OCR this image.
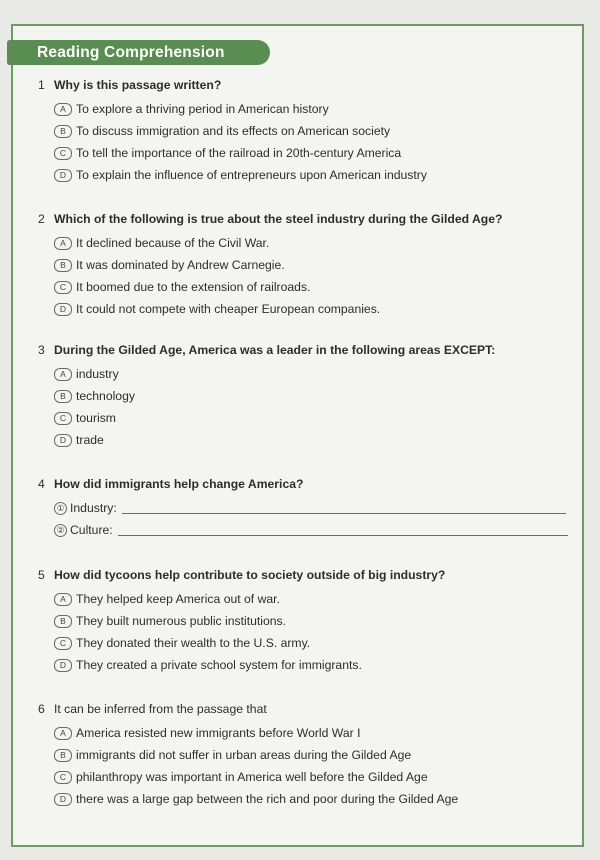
Reading Comprehension
1 Why is this passage written?
A To explore a thriving period in American history
B To discuss immigration and its effects on American society
C To tell the importance of the railroad in 20th-century America
D To explain the influence of entrepreneurs upon American industry
2 Which of the following is true about the steel industry during the Gilded Age?
A It declined because of the Civil War.
B It was dominated by Andrew Carnegie.
C It boomed due to the extension of railroads.
D It could not compete with cheaper European companies.
3 During the Gilded Age, America was a leader in the following areas EXCEPT:
A industry
B technology
C tourism
D trade
4 How did immigrants help change America?
① Industry:
② Culture:
5 How did tycoons help contribute to society outside of big industry?
A They helped keep America out of war.
B They built numerous public institutions.
C They donated their wealth to the U.S. army.
D They created a private school system for immigrants.
6 It can be inferred from the passage that
A America resisted new immigrants before World War I
B immigrants did not suffer in urban areas during the Gilded Age
C philanthropy was important in America well before the Gilded Age
D there was a large gap between the rich and poor during the Gilded Age
